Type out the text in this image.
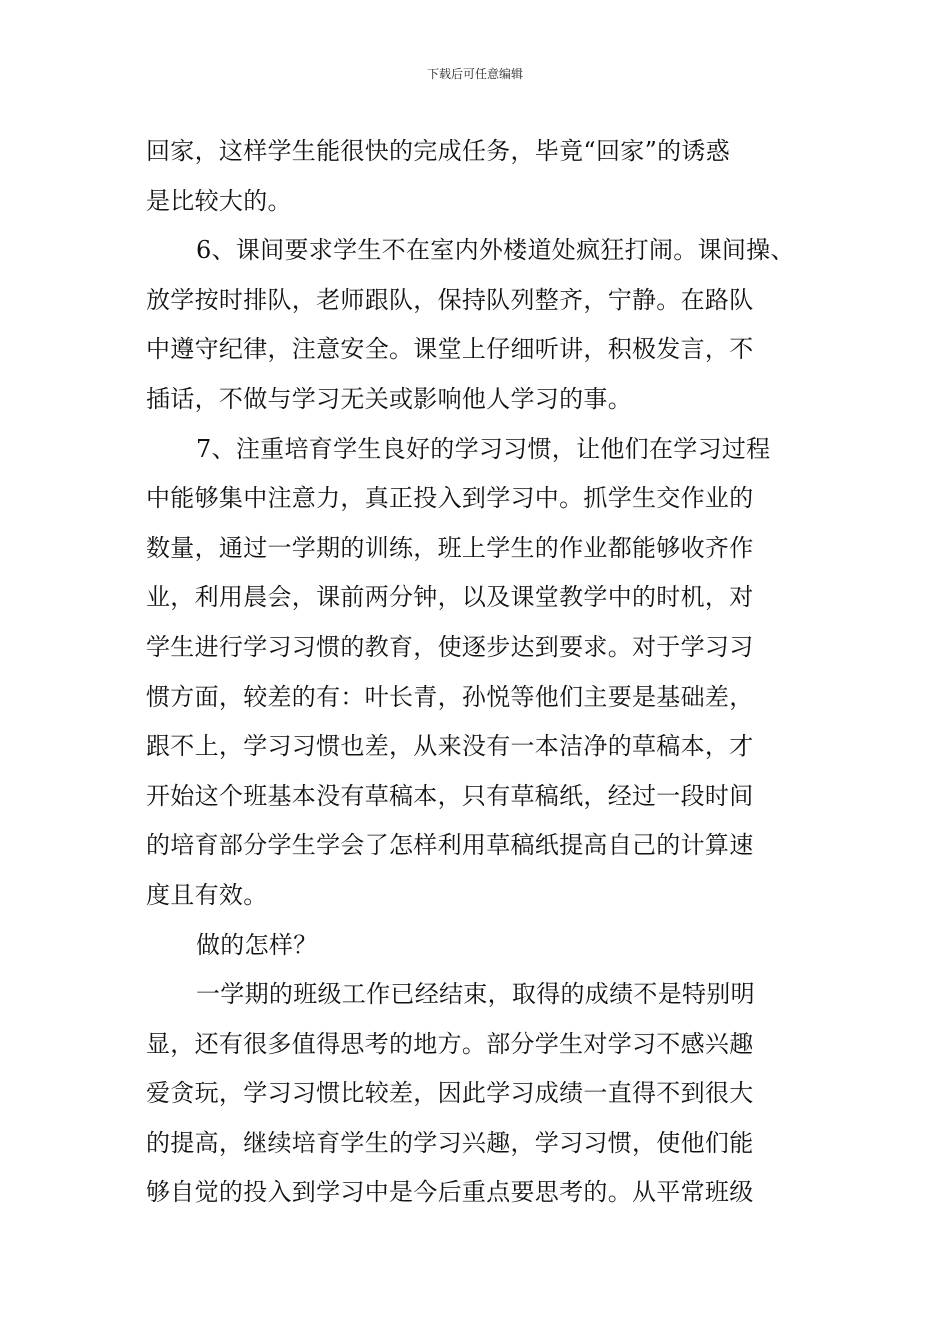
下载后可任意编辑
回家，这样学生能很快的完成任务，毕竟“回家”的诱惑
是比较大的。
6、课间要求学生不在室内外楼道处疯狂打闹。课间操、
放学按时排队，老师跟队，保持队列整齐，宁静。在路队
中遵守纪律，注意安全。课堂上仔细听讲，积极发言，不
插话，不做与学习无关或影响他人学习的事。
7、注重培育学生良好的学习习惯，让他们在学习过程
中能够集中注意力，真正投入到学习中。抓学生交作业的
数量，通过一学期的训练，班上学生的作业都能够收齐作
业，利用晨会，课前两分钟，以及课堂教学中的时机，对
学生进行学习习惯的教育，使逐步达到要求。对于学习习
惯方面，较差的有：叶长青，孙悦等他们主要是基础差，
跟不上，学习习惯也差，从来没有一本洁净的草稿本，才
开始这个班基本没有草稿本，只有草稿纸，经过一段时间
的培育部分学生学会了怎样利用草稿纸提高自己的计算速
度且有效。
做的怎样？
一学期的班级工作已经结束，取得的成绩不是特别明
显，还有很多值得思考的地方。部分学生对学习不感兴趣
爱贪玩，学习习惯比较差，因此学习成绩一直得不到很大
的提高，继续培育学生的学习兴趣，学习习惯，使他们能
够自觉的投入到学习中是今后重点要思考的。从平常班级
